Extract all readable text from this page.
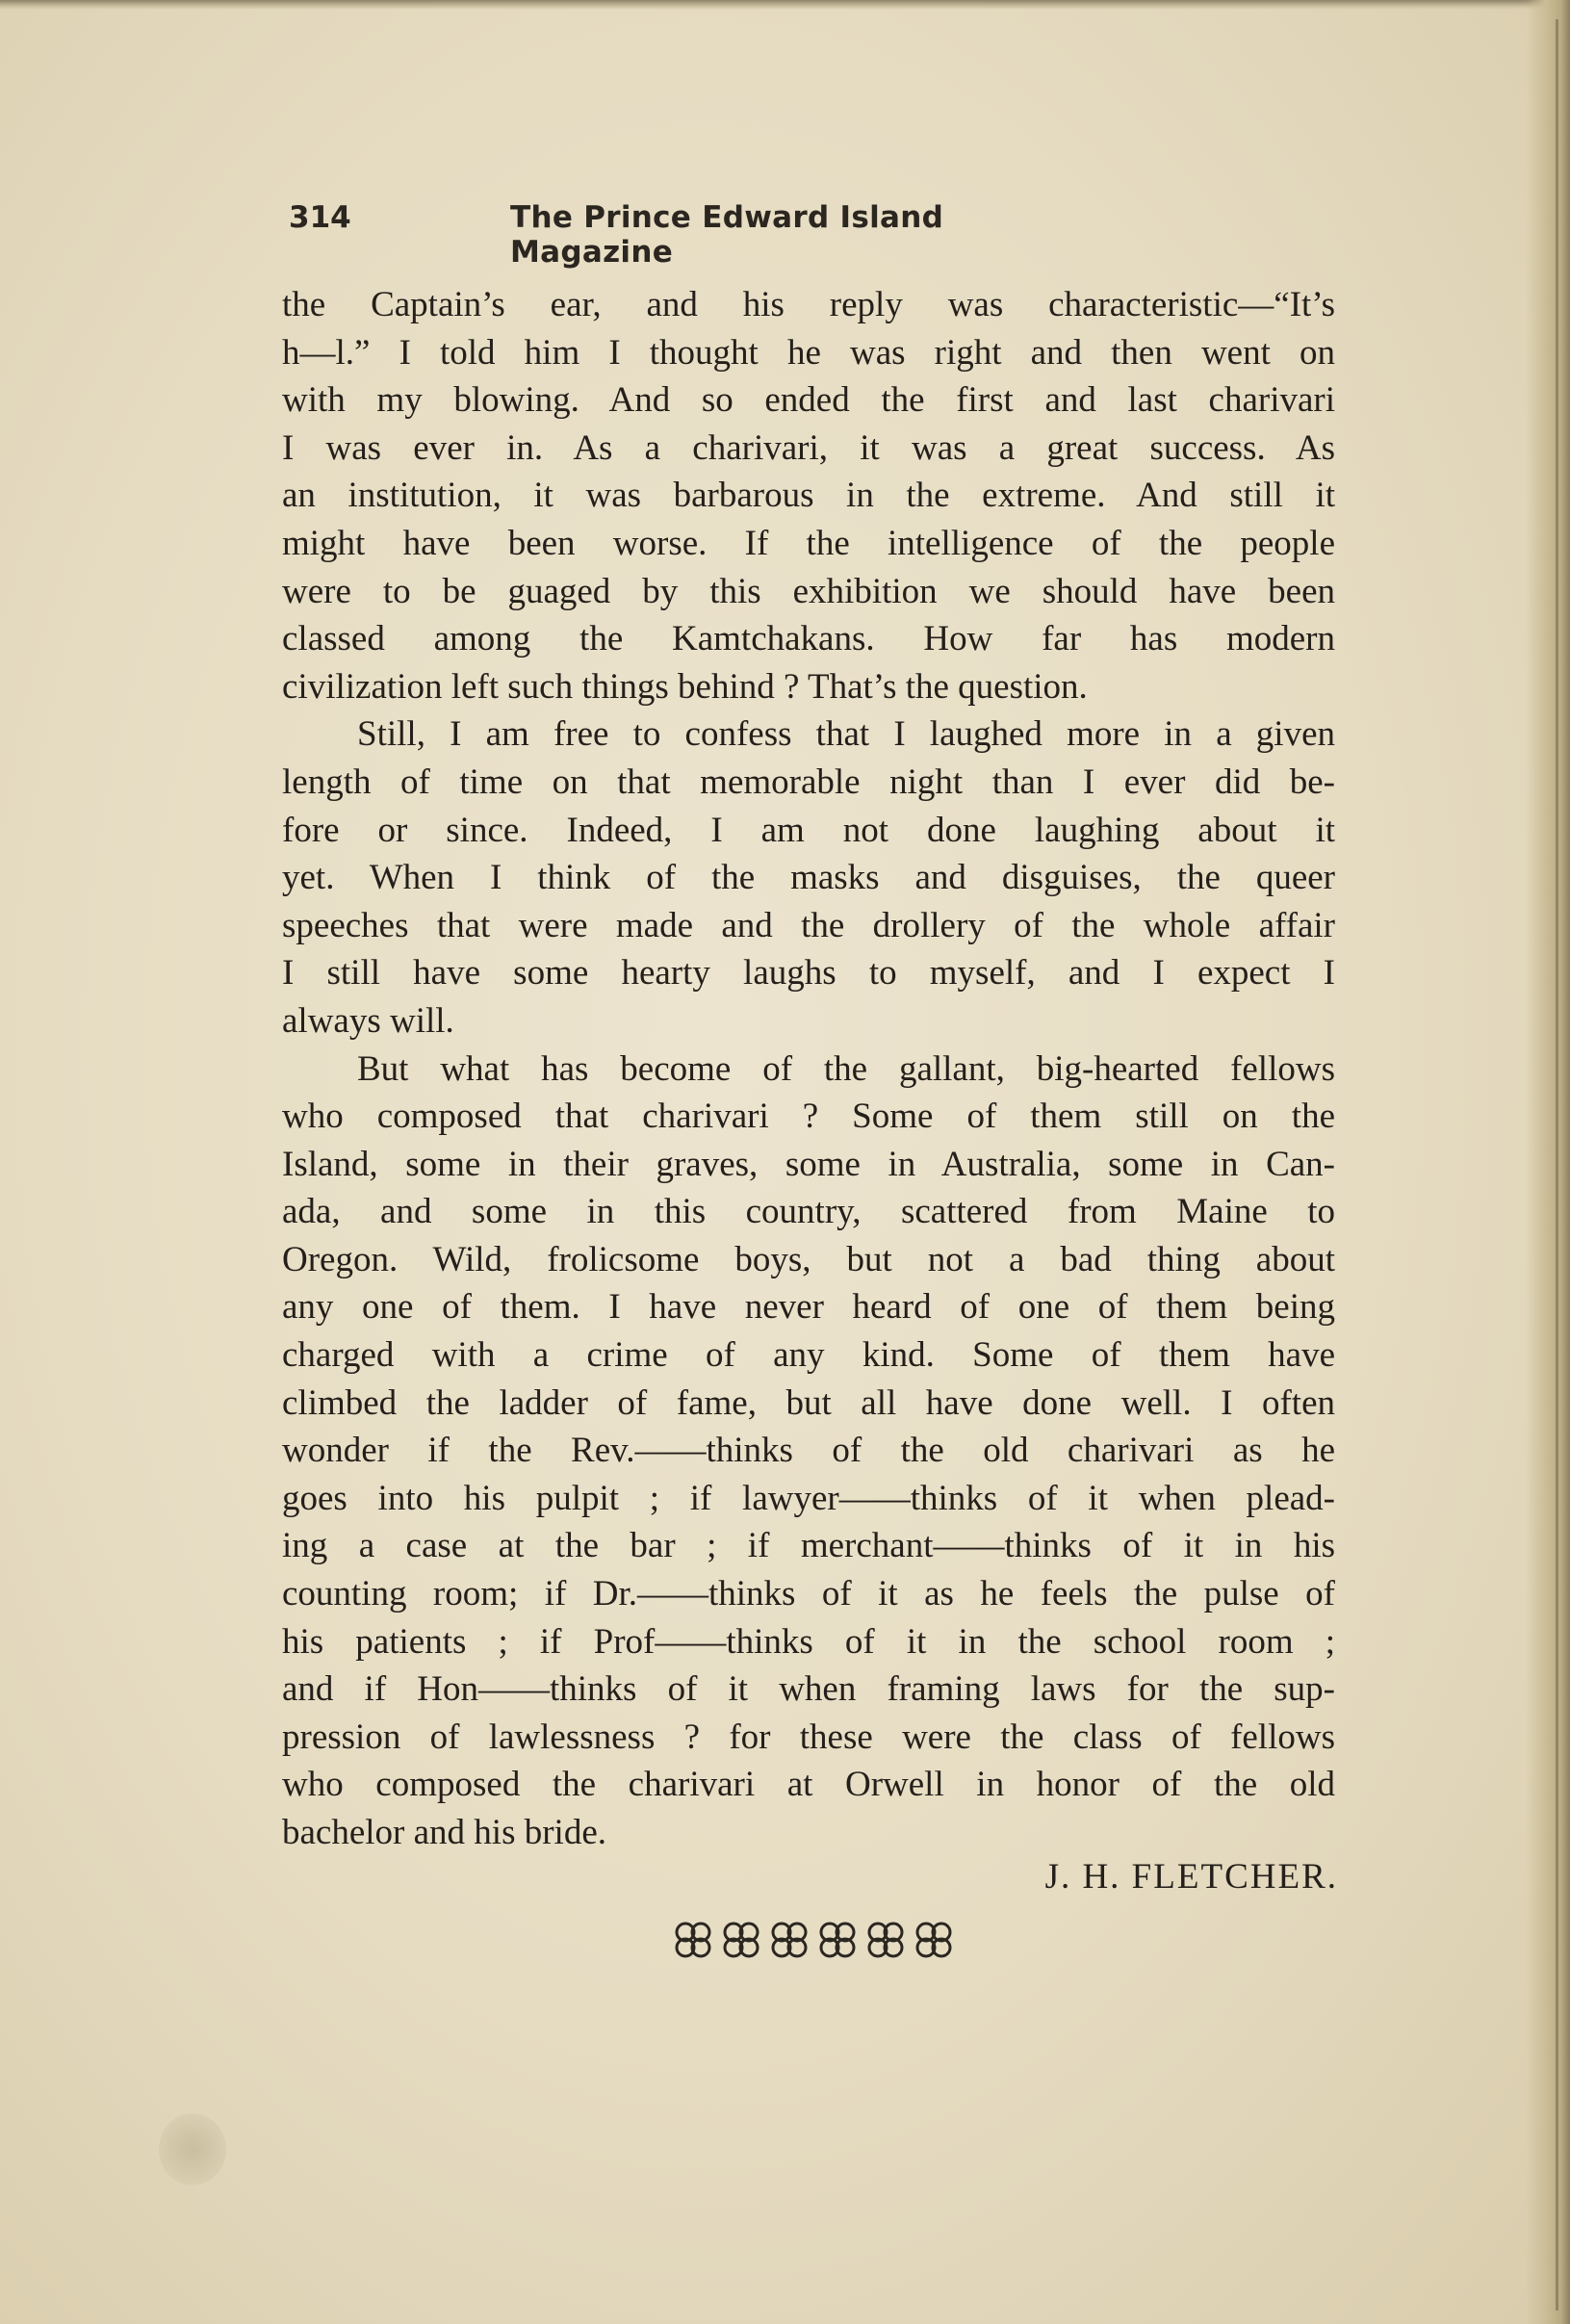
314	The Prince Edward Island Magazine
the Captain’s ear, and his reply was characteristic—“It’s
h—l.” I told him I thought he was right and then went on
with my blowing. And so ended the first and last charivari
I was ever in. As a charivari, it was a great success. As
an institution, it was barbarous in the extreme. And still it
might have been worse. If the intelligence of the people
were to be guaged by this exhibition we should have been
classed among the Kamtchakans. How far has modern
civilization left such things behind ? That’s the question.
Still, I am free to confess that I laughed more in a given
length of time on that memorable night than I ever did be-
fore or since. Indeed, I am not done laughing about it
yet. When I think of the masks and disguises, the queer
speeches that were made and the drollery of the whole affair
I still have some hearty laughs to myself, and I expect I
always will.
But what has become of the gallant, big-hearted fellows
who composed that charivari ? Some of them still on the
Island, some in their graves, some in Australia, some in Can-
ada, and some in this country, scattered from Maine to
Oregon. Wild, frolicsome boys, but not a bad thing about
any one of them. I have never heard of one of them being
charged with a crime of any kind. Some of them have
climbed the ladder of fame, but all have done well. I often
wonder if the Rev.——thinks of the old charivari as he
goes into his pulpit ; if lawyer——thinks of it when plead-
ing a case at the bar ; if merchant——thinks of it in his
counting room; if Dr.——thinks of it as he feels the pulse of
his patients ; if Prof——thinks of it in the school room ;
and if Hon——thinks of it when framing laws for the sup-
pression of lawlessness ? for these were the class of fellows
who composed the charivari at Orwell in honor of the old
bachelor and his bride.
J. H. FLETCHER.
